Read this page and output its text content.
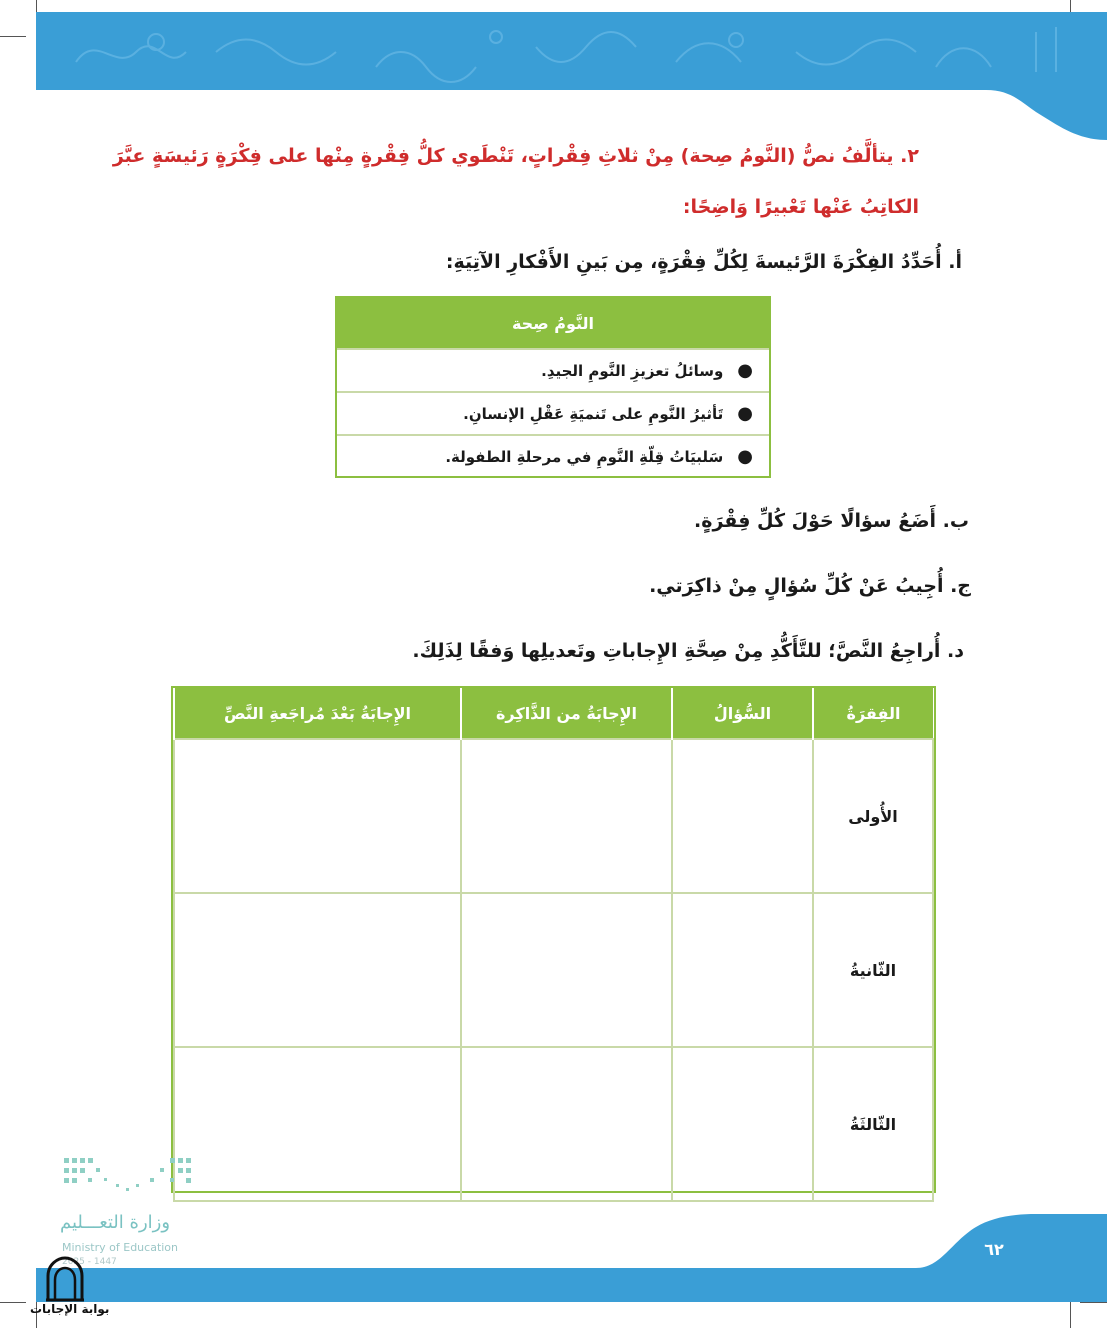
٢. يتألَّفُ نصُّ (النَّومُ صِحة) مِنْ ثلاثِ فِقْراتٍ، تَنْطَوي كلُّ فِقْرةٍ مِنْها على فِكْرَةٍ رَئيسَةٍ عبَّرَ
الكاتِبُ عَنْها تَعْبيرًا وَاضِحًا:
أ. أُحَدِّدُ الفِكْرَةَ الرَّئيسةَ لِكُلِّ فِقْرَةٍ، مِن بَينِ الأَفْكارِ الآتِيَةِ:
النَّومُ صِحة
●
وسائلُ تعزيزِ النَّومِ الجيدِ.
●
تَأثيرُ النَّومِ على تَنميَةِ عَقْلِ الإنسانِ.
●
سَلبيَاتُ قِلّةِ النَّومِ في مرحلةِ الطفولة.
ب. أَضَعُ سؤالًا حَوْلَ كُلِّ فِقْرَةٍ.
ج. أُجِيبُ عَنْ كُلِّ سُؤالٍ مِنْ ذاكِرَتي.
د. أُراجِعُ النَّصَّ؛ للتَّأَكُّدِ مِنْ صِحَّةِ الإِجاباتِ وتَعديلِها وَفقًا لِذَلِكَ.
الفِقرَةُ	السُّؤالُ	الإِجابَةُ من الذَّاكِرة	الإِجابَةُ بَعْدَ مُراجَعةِ النَّصِّ
الأُولى			
الثّانيةُ			
الثّالثَةُ			
وزارة التعـــليم
Ministry of Education
2025 - 1447
٦٢
بوابة الإجابات
